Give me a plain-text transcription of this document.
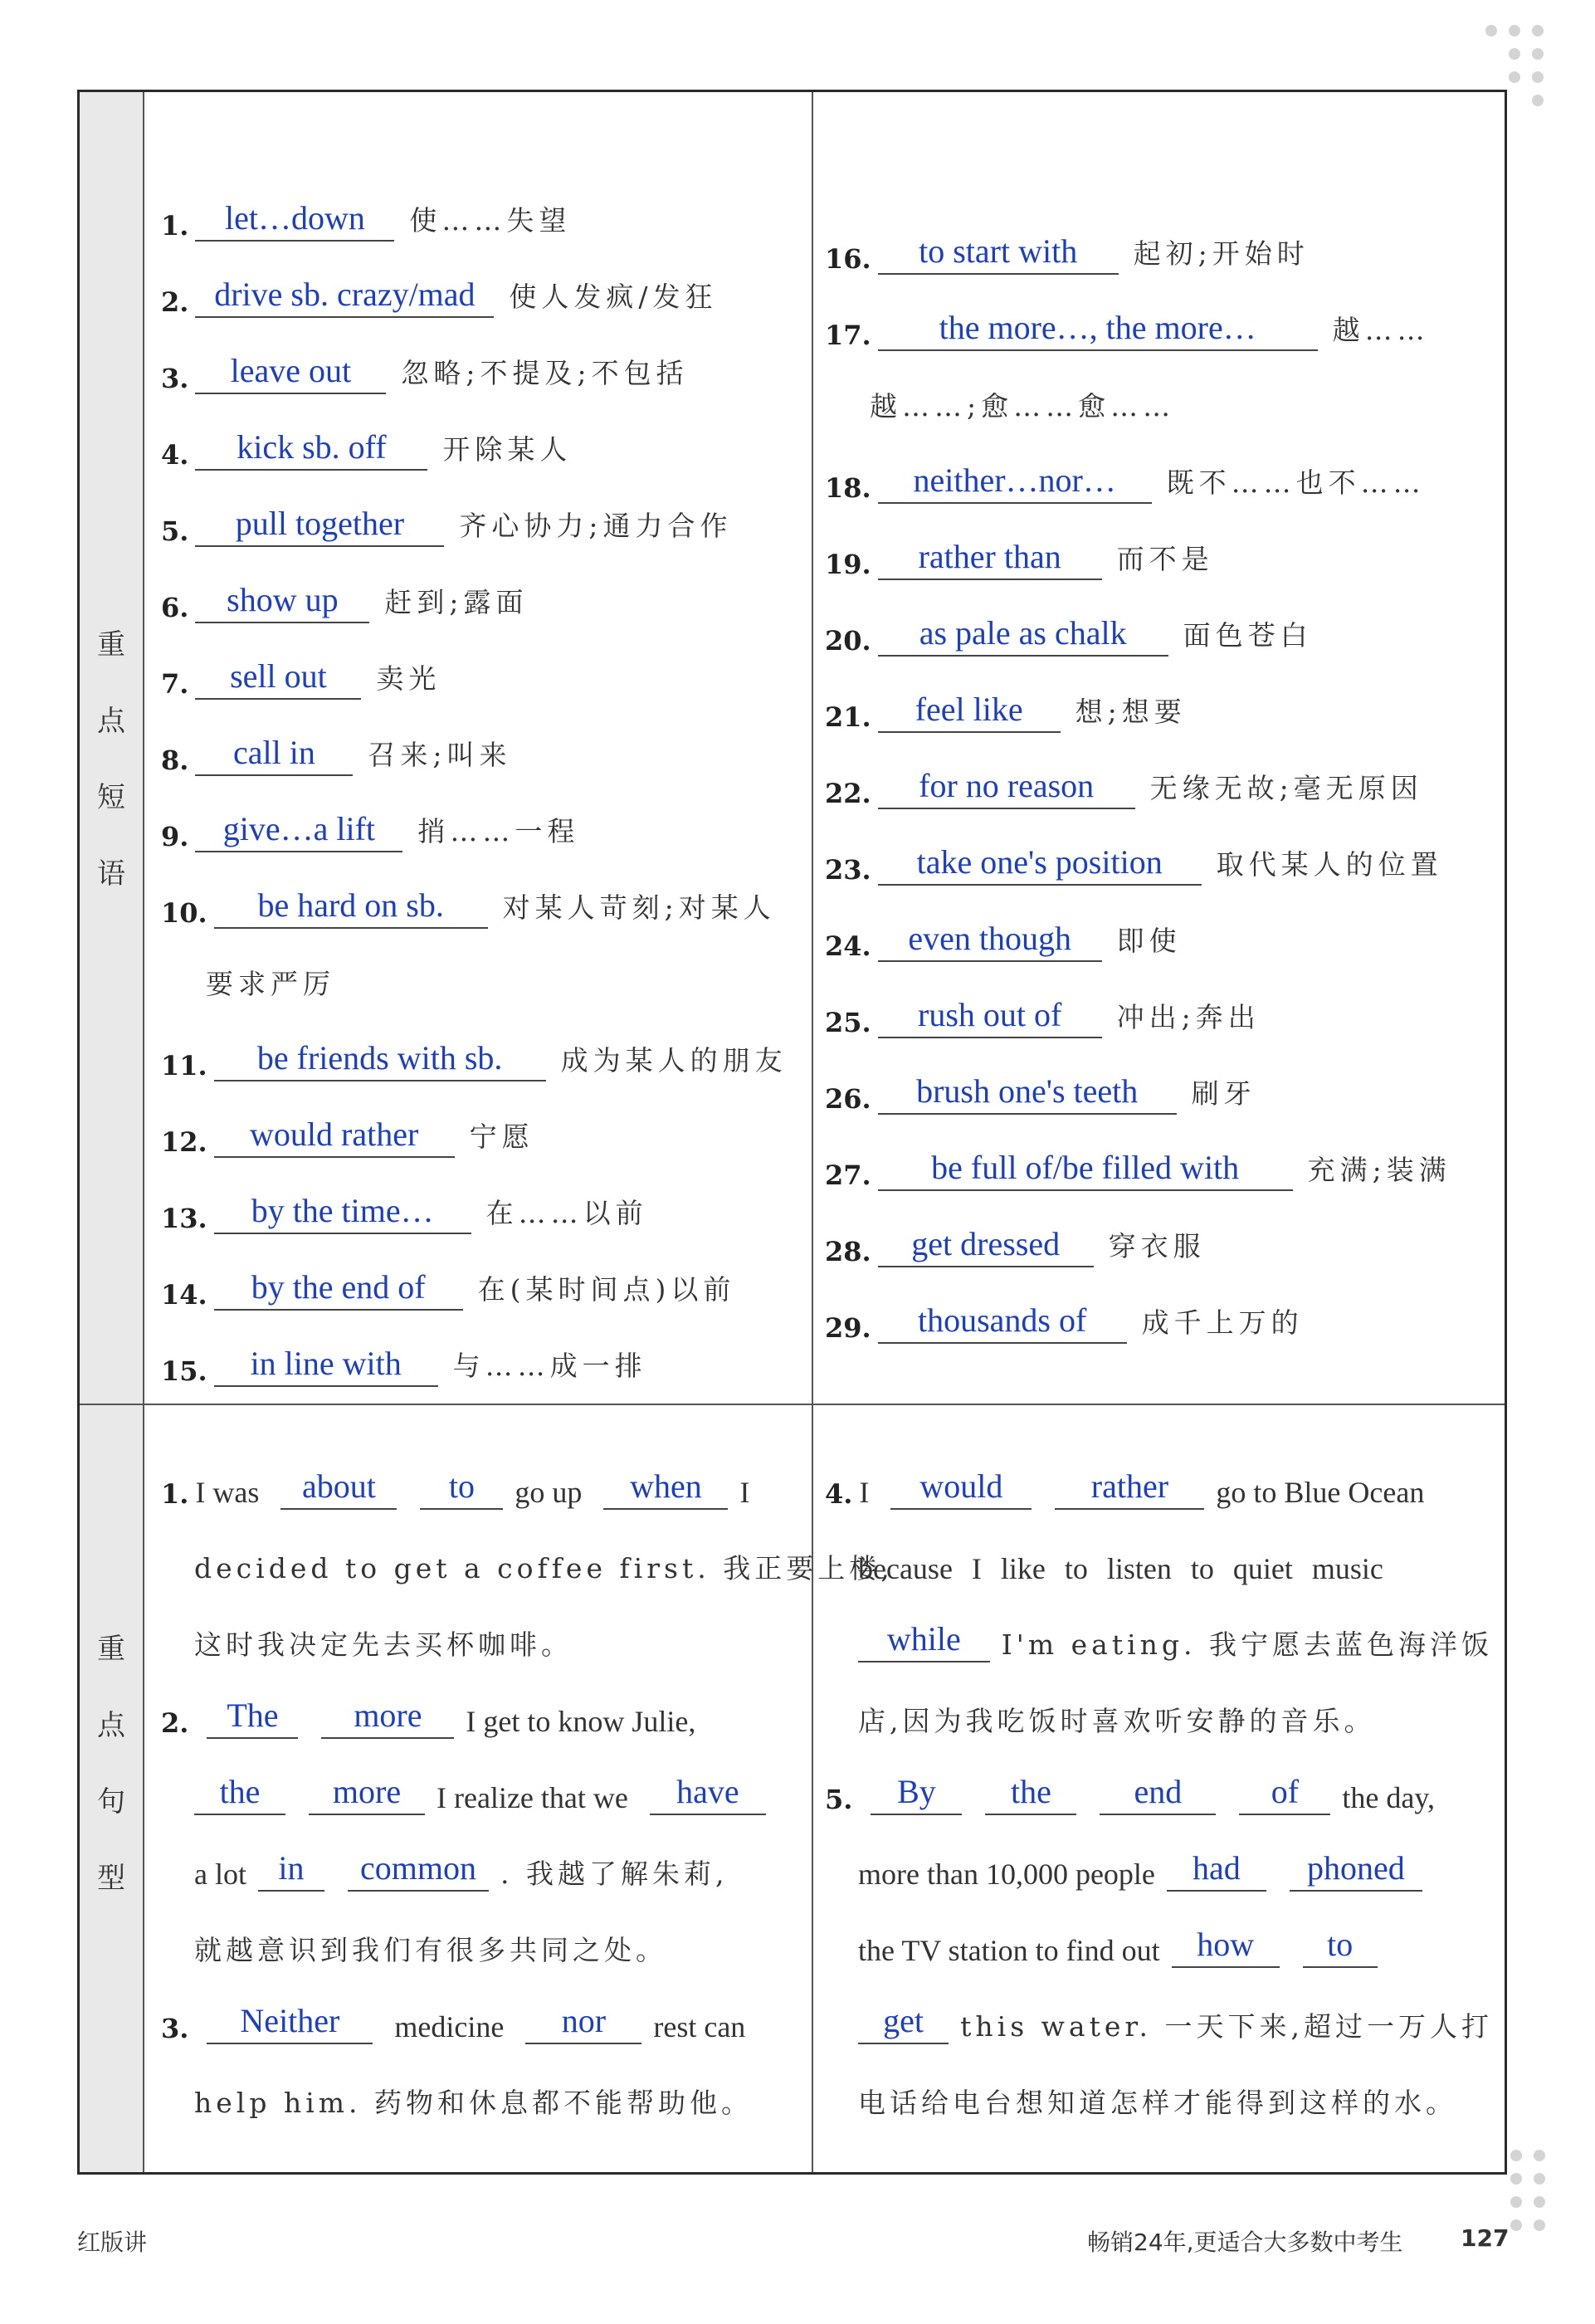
重
点
短
语
重
点
句
型
1.	let…down	使……失望
2. drive sb. crazy/mad	使人发疯/发狂
3.	leave out	忽略;不提及;不包括
4.	kick sb. off	开除某人
5.	pull together	齐心协力;通力合作
6.	show up	赶到;露面
7.	sell out	卖光
8.	call in	召来;叫来
9.	give…a lift	捎……一程
10.	be hard on sb.	对某人苛刻;对某人
要求严厉
11.	be friends with sb.	成为某人的朋友
12.	would rather	宁愿
13.	by the time…	在……以前
14.	by the end of	在(某时间点)以前
15.	in line with	与……成一排
16.	to start with	起初;开始时
17.	the more…, the more…	越……
越……;愈……愈……
18.	neither…nor…	既不……也不……
19.	rather than	而不是
20.	as pale as chalk	面色苍白
21.	feel like	想;想要
22.	for no reason	无缘无故;毫无原因
23.	take one's position	取代某人的位置
24.	even though	即使
25.	rush out of	冲出;奔出
26.	brush one's teeth	刷牙
27.	be full of/be filled with	充满;装满
28.	get dressed	穿衣服
29.	thousands of	成千上万的
1. I was	about	to	go up	when	I
decided to get a coffee first. 我正要上楼,
这时我决定先去买杯咖啡。
2.	The	more	I get to know Julie,
the	more	I realize that we	have
a lot in	common . 我越了解朱莉,
就越意识到我们有很多共同之处。
3.	Neither	medicine	nor	rest can
help him. 药物和休息都不能帮助他。
4. I	would	rather	go to Blue Ocean
because I like to listen to quiet music
while	I'm eating. 我宁愿去蓝色海洋饭
店,因为我吃饭时喜欢听安静的音乐。
5.	By	the	end	of	the day,
more than 10,000 people	had	phoned
the TV station to find out	how	to
get	this water. 一天下来,超过一万人打
电话给电台想知道怎样才能得到这样的水。
红版讲	畅销24年,更适合大多数中考生 127
